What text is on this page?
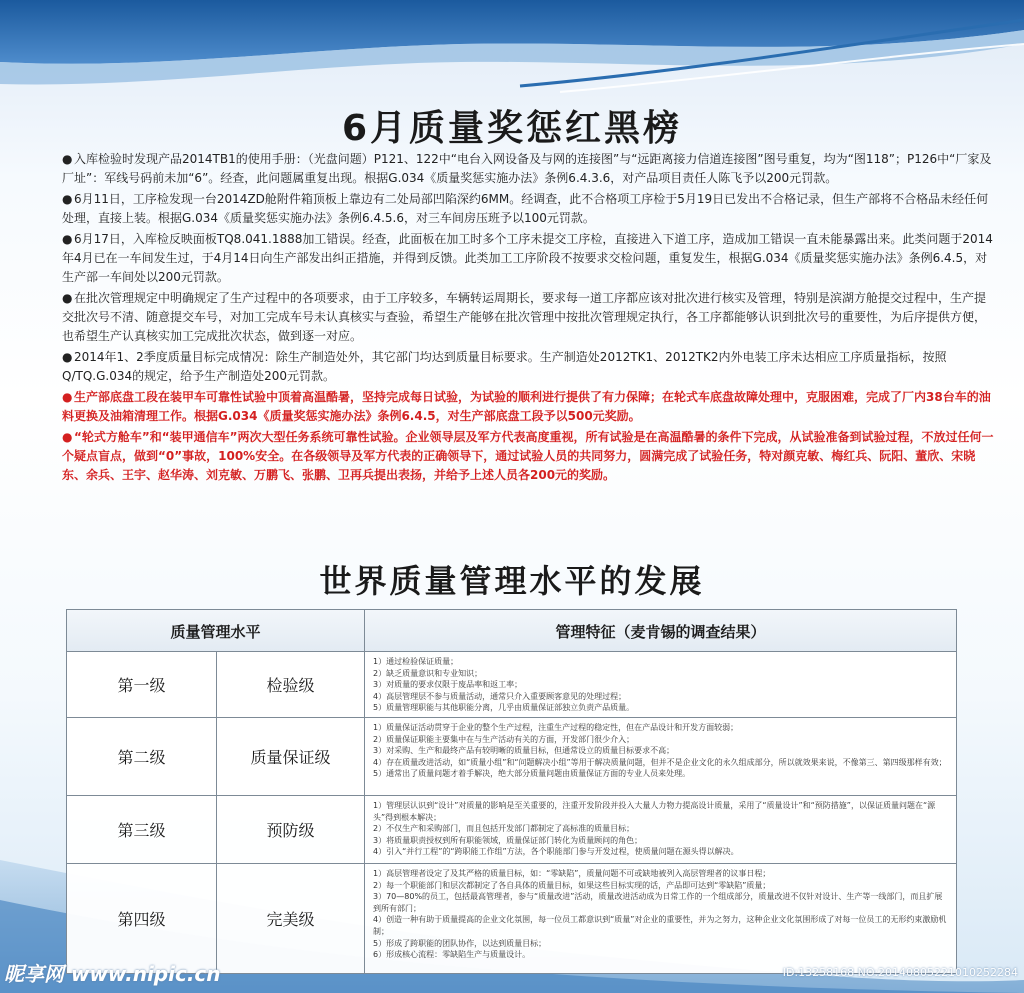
6月质量奖惩红黑榜

● 入库检验时发现产品2014TB1的使用手册：（光盘问题）P121、122中“电台入网设备及与网的连接图”与“远距离接力信道连接图”图号重复，均为“图118”；P126中“厂家及厂址”：军线号码前未加“6”。经查，此问题属重复出现。根据G.034《质量奖惩实施办法》条例6.4.3.6，对产品项目责任人陈飞予以200元罚款。

● 6月11日，工序检发现一台2014ZD舱附件箱顶板上靠边有二处局部凹陷深约6MM。经调查，此不合格项工序检于5月19日已发出不合格记录，但生产部将不合格品未经任何处理，直接上装。根据G.034《质量奖惩实施办法》条例6.4.5.6，对三车间房压班予以100元罚款。

● 6月17日，入库检反映面板TQ8.041.1888加工错误。经查，此面板在加工时多个工序未提交工序检，直接进入下道工序，造成加工错误一直未能暴露出来。此类问题于2014年4月已在一车间发生过，于4月14日向生产部发出纠正措施，并得到反馈。此类加工工序阶段不按要求交检问题，重复发生，根据G.034《质量奖惩实施办法》条例6.4.5，对生产部一车间处以200元罚款。

● 在批次管理规定中明确规定了生产过程中的各项要求，由于工序较多，车辆转运周期长，要求每一道工序都应该对批次进行核实及管理，特别是滨湖方舱提交过程中，生产提交批次号不清、随意提交车号，对加工完成车号未认真核实与查验，希望生产能够在批次管理中按批次管理规定执行，各工序都能够认识到批次号的重要性，为后序提供方便，也希望生产认真核实加工完成批次状态，做到逐一对应。

● 2014年1、2季度质量目标完成情况：除生产制造处外，其它部门均达到质量目标要求。生产制造处2012TK1、2012TK2内外电装工序未达相应工序质量指标，按照Q/TQ.G.034的规定，给予生产制造处200元罚款。

● 生产部底盘工段在装甲车可靠性试验中顶着高温酷暑，坚持完成每日试验，为试验的顺利进行提供了有力保障；在轮式车底盘故障处理中，克服困难，完成了厂内38台车的油料更换及油箱清理工作。根据G.034《质量奖惩实施办法》条例6.4.5，对生产部底盘工段予以500元奖励。

● “轮式方舱车”和“装甲通信车”两次大型任务系统可靠性试验。企业领导层及军方代表高度重视，所有试验是在高温酷暑的条件下完成，从试验准备到试验过程，不放过任何一个疑点盲点，做到“0”事故，100%安全。在各级领导及军方代表的正确领导下，通过试验人员的共同努力，圆满完成了试验任务，特对颜克敏、梅红兵、阮阳、董欣、宋晓东、余兵、王宇、赵华涛、刘克敏、万鹏飞、张鹏、卫再兵提出表扬，并给予上述人员各200元的奖励。

世界质量管理水平的发展
质量管理水平	管理特征（麦肯锡的调查结果）
第一级	检验级
1）通过检验保证质量；
2）缺乏质量意识和专业知识；
3）对质量的要求仅限于废品率和返工率；
4）高层管理层不参与质量活动，通常只介入重要顾客意见的处理过程；
5）质量管理职能与其他职能分离，几乎由质量保证部独立负责产品质量。
第二级	质量保证级
1）质量保证活动贯穿于企业的整个生产过程，注重生产过程的稳定性，但在产品设计和开发方面较弱；
2）质量保证职能主要集中在与生产活动有关的方面，开发部门很少介入；
3）对采购、生产和最终产品有较明晰的质量目标，但通常设立的质量目标要求不高；
4）存在质量改进活动，如“质量小组”和“问题解决小组”等用于解决质量问题，但并不是企业文化的永久组成部分，所以就效果来说，不像第三、第四级那样有效；
5）通常出了质量问题才着手解决，绝大部分质量问题由质量保证方面的专业人员来处理。
第三级	预防级
1）管理层认识到“设计”对质量的影响是至关重要的，注重开发阶段并投入大量人力物力提高设计质量，采用了“质量设计”和“预防措施”，以保证质量问题在“源头”得到根本解决；
2）不仅生产和采购部门，而且包括开发部门都制定了高标准的质量目标；
3）将质量职责授权到所有职能领域，质量保证部门转化为质量顾问的角色；
4）引入“并行工程”的“跨职能工作组”方法，各个职能部门参与开发过程，使质量问题在源头得以解决。
第四级	完美级
1）高层管理者设定了及其严格的质量目标，如：“零缺陷”，质量问题不可或缺地被列入高层管理者的议事日程；
2）每一个职能部门和层次都制定了各自具体的质量目标，如果这些目标实现的话，产品即可达到“零缺陷”质量；
3）70—80%的员工，包括最高管理者，参与“质量改进”活动，质量改进活动成为日常工作的一个组成部分，质量改进不仅针对设计、生产等一线部门，而且扩展到所有部门；
4）创造一种有助于质量提高的企业文化氛围，每一位员工都意识到“质量”对企业的重要性，并为之努力，这种企业文化氛围形成了对每一位员工的无形约束激励机制；
5）形成了跨职能的团队协作，以达到质量目标；
6）形成核心流程：零缺陷生产与质量设计。
昵享网 www.nipic.cn	ID:13258168 NO:20140805221010252284
